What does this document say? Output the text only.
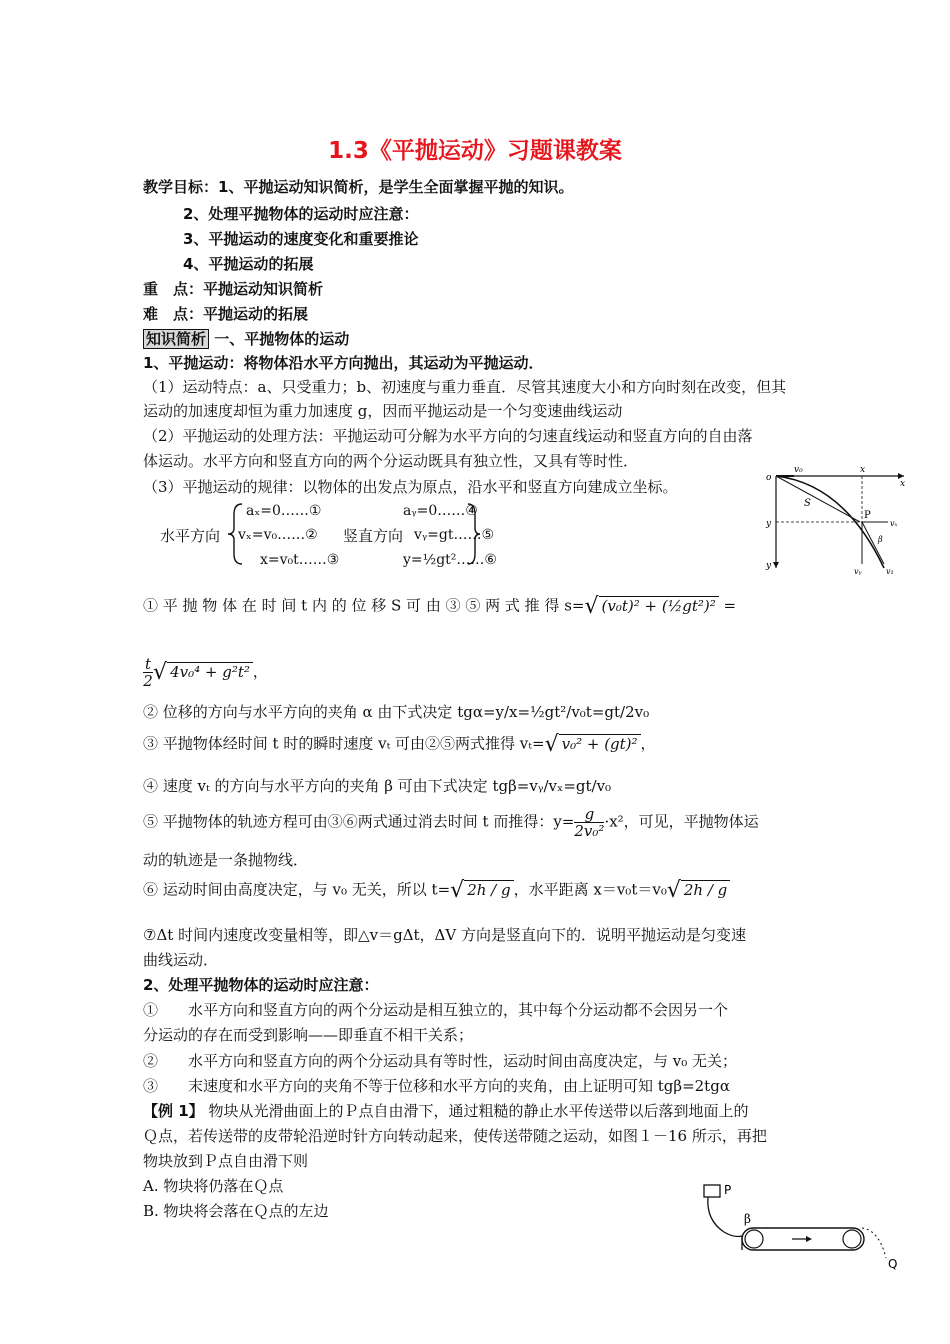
1.3《平抛运动》习题课教案
教学目标：1、平抛运动知识简析，是学生全面掌握平抛的知识。
2、处理平抛物体的运动时应注意：
3、平抛运动的速度变化和重要推论
4、平抛运动的拓展
重　点：平抛运动知识简析
难　点：平抛运动的拓展
知识简析 一、平抛物体的运动
1、平抛运动：将物体沿水平方向抛出，其运动为平抛运动．
（1）运动特点：a、只受重力；b、初速度与重力垂直．尽管其速度大小和方向时刻在改变，但其
运动的加速度却恒为重力加速度 g，因而平抛运动是一个匀变速曲线运动
（2）平抛运动的处理方法：平抛运动可分解为水平方向的匀速直线运动和竖直方向的自由落
体运动。水平方向和竖直方向的两个分运动既具有独立性，又具有等时性．
（3）平抛运动的规律：以物体的出发点为原点，沿水平和竖直方向建成立坐标。
水平方向
aₓ=0……①
vₓ=v₀……②
x=v₀t……③
竖直方向
aᵧ=0……④
vᵧ=gt……⑤
y=½gt²……⑥
o
v₀	x
x
S
P
y
y
vₓ
β
vᵧ	v₁
① 平 抛 物 体 在 时 间 t 内 的 位 移 S 可 由 ③ ⑤ 两 式 推 得 s=√ (v₀t)² + (½gt²)² =
$\frac{t}{2}$ √ 4v₀⁴ + g²t² ，
② 位移的方向与水平方向的夹角 α 由下式决定 tgα=y/x=½gt²/v₀t=gt/2v₀
③ 平抛物体经时间 t 时的瞬时速度 vₜ 可由②⑤两式推得 vₜ=√ v₀² + (gt)² ，
④ 速度 vₜ 的方向与水平方向的夹角 β 可由下式决定 tgβ=vᵧ/vₓ=gt/v₀
⑤ 平抛物体的轨迹方程可由③⑥两式通过消去时间 t 而推得：$y= \frac{g}{\text{2v₀²}} \cdot x^2$，可见，平抛物体运
动的轨迹是一条抛物线．
⑥ 运动时间由高度决定，与 v₀ 无关，所以 t=√ 2h / g ，水平距离 x＝v₀t＝v₀√ 2h / g
⑦Δt 时间内速度改变量相等，即△v＝gΔt，ΔV 方向是竖直向下的．说明平抛运动是匀变速
曲线运动．
2、处理平抛物体的运动时应注意：
①　　水平方向和竖直方向的两个分运动是相互独立的，其中每个分运动都不会因另一个
分运动的存在而受到影响——即垂直不相干关系；
②　　水平方向和竖直方向的两个分运动具有等时性，运动时间由高度决定，与 v₀ 无关；
③　　末速度和水平方向的夹角不等于位移和水平方向的夹角，由上证明可知 tgβ=2tgα
【例 1】 物块从光滑曲面上的Ｐ点自由滑下，通过粗糙的静止水平传送带以后落到地面上的
Ｑ点，若传送带的皮带轮沿逆时针方向转动起来，使传送带随之运动，如图１－16 所示，再把
物块放到Ｐ点自由滑下则
A. 物块将仍落在Ｑ点
B. 物块将会落在Ｑ点的左边
P
β
Q
